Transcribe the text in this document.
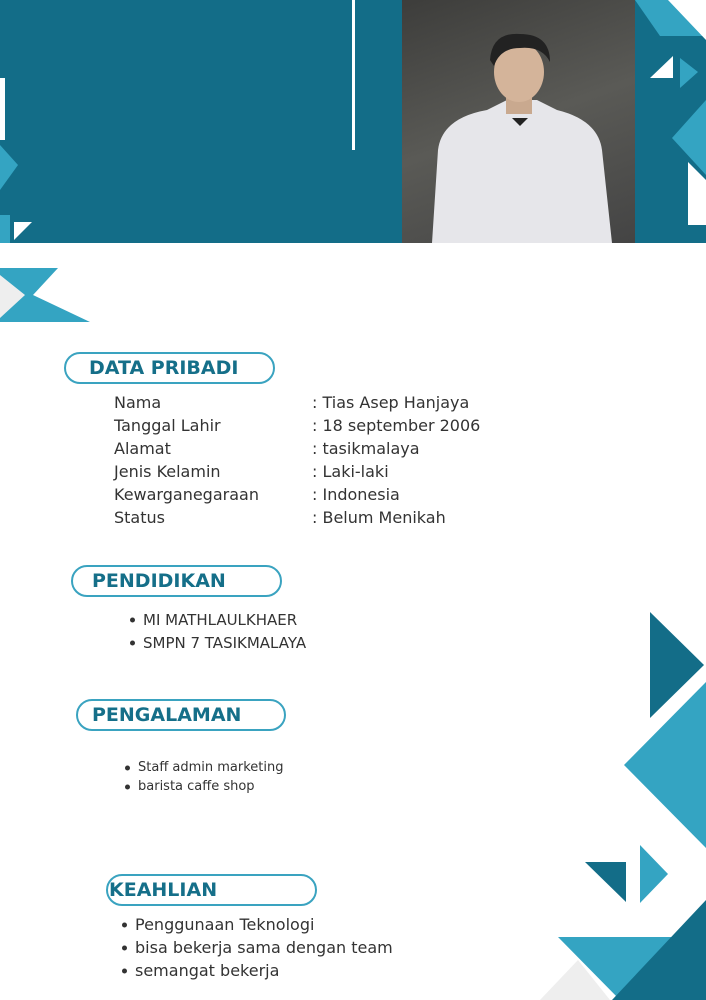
DATA PRIBADI
Nama	: Tias Asep Hanjaya
Tanggal Lahir	: 18 september 2006
Alamat	: tasikmalaya
Jenis Kelamin	: Laki-laki
Kewarganegaraan	: Indonesia
Status	: Belum Menikah
PENDIDIKAN
MI MATHLAULKHAER
SMPN 7 TASIKMALAYA
PENGALAMAN
Staff admin marketing
barista caffe shop
KEAHLIAN
Penggunaan Teknologi
bisa bekerja sama dengan team
semangat bekerja
